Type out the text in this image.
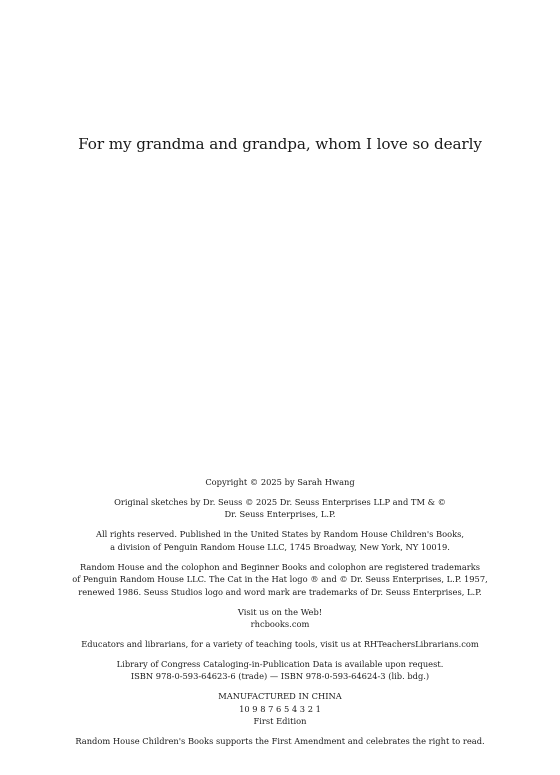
For my grandma and grandpa, whom I love so dearly

Copyright © 2025 by Sarah Hwang

Original sketches by Dr. Seuss © 2025 Dr. Seuss Enterprises LLP and TM & ©
Dr. Seuss Enterprises, L.P.

All rights reserved. Published in the United States by Random House Children's Books,
a division of Penguin Random House LLC, 1745 Broadway, New York, NY 10019.

Random House and the colophon and Beginner Books and colophon are registered trademarks
of Penguin Random House LLC. The Cat in the Hat logo ® and © Dr. Seuss Enterprises, L.P. 1957,
renewed 1986. Seuss Studios logo and word mark are trademarks of Dr. Seuss Enterprises, L.P.

Visit us on the Web!
rhcbooks.com

Educators and librarians, for a variety of teaching tools, visit us at RHTeachersLibrarians.com

Library of Congress Cataloging-in-Publication Data is available upon request.
ISBN 978-0-593-64623-6 (trade) — ISBN 978-0-593-64624-3 (lib. bdg.)

MANUFACTURED IN CHINA
10 9 8 7 6 5 4 3 2 1
First Edition

Random House Children's Books supports the First Amendment and celebrates the right to read.
